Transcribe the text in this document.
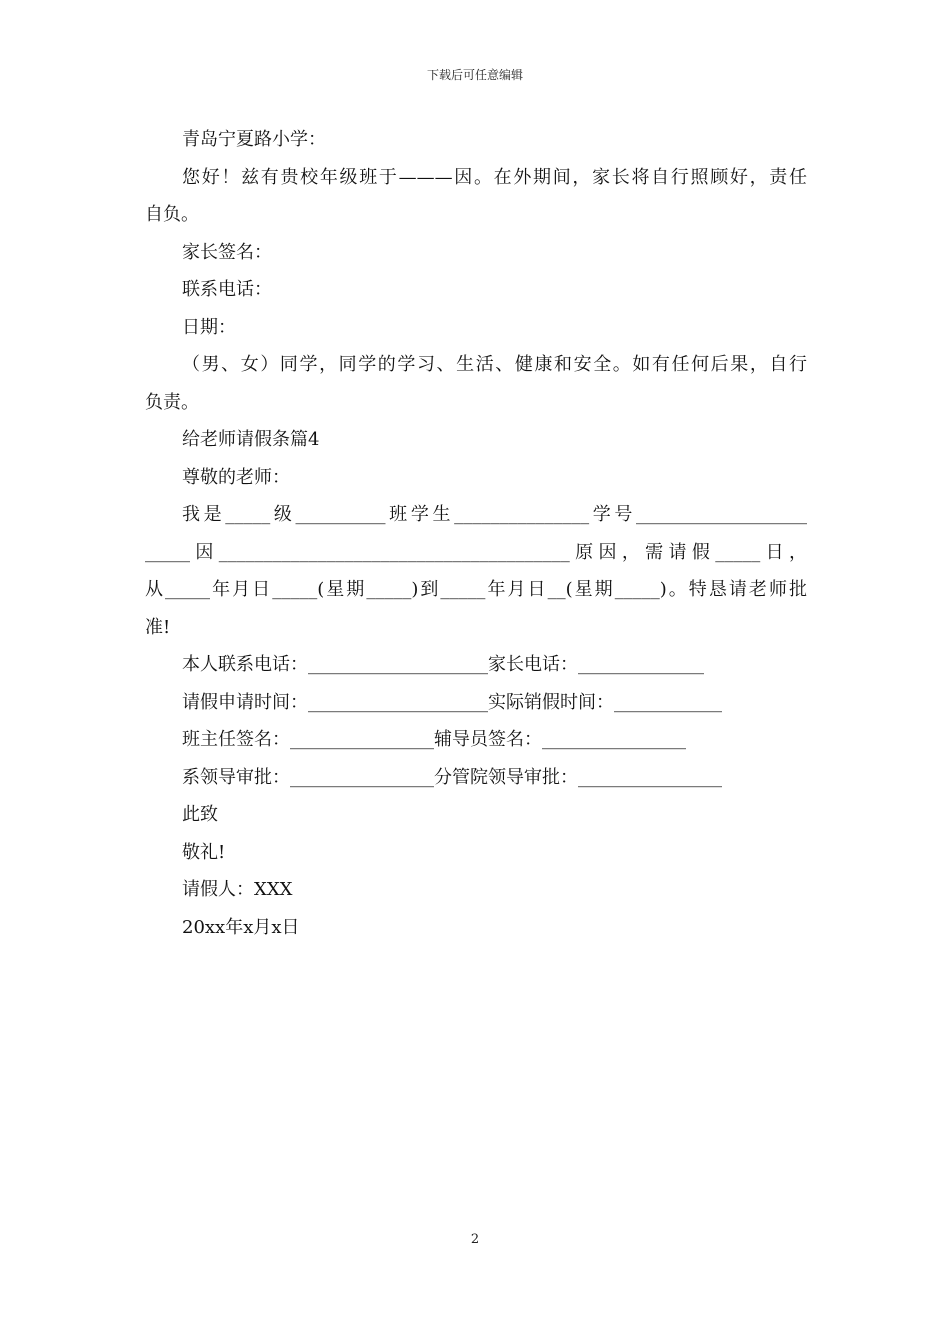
下载后可任意编辑
青岛宁夏路小学：
您好！兹有贵校年级班于———因。在外期间，家长将自行照顾好，责任
自负。
家长签名：
联系电话：
日期：
（男、女）同学，同学的学习、生活、健康和安全。如有任何后果，自行
负责。
给老师请假条篇4
尊敬的老师：
我是_____级__________班学生_______________学号___________________
_____因_______________________________________原因，需请假_____日，
从_____年月日_____(星期_____)到_____年月日__(星期_____)。特恳请老师批
准!
本人联系电话：____________________家长电话：______________
请假申请时间：____________________实际销假时间：____________
班主任签名：________________辅导员签名：________________
系领导审批：________________分管院领导审批：________________
此致
敬礼!
请假人：XXX
20xx年x月x日
2
